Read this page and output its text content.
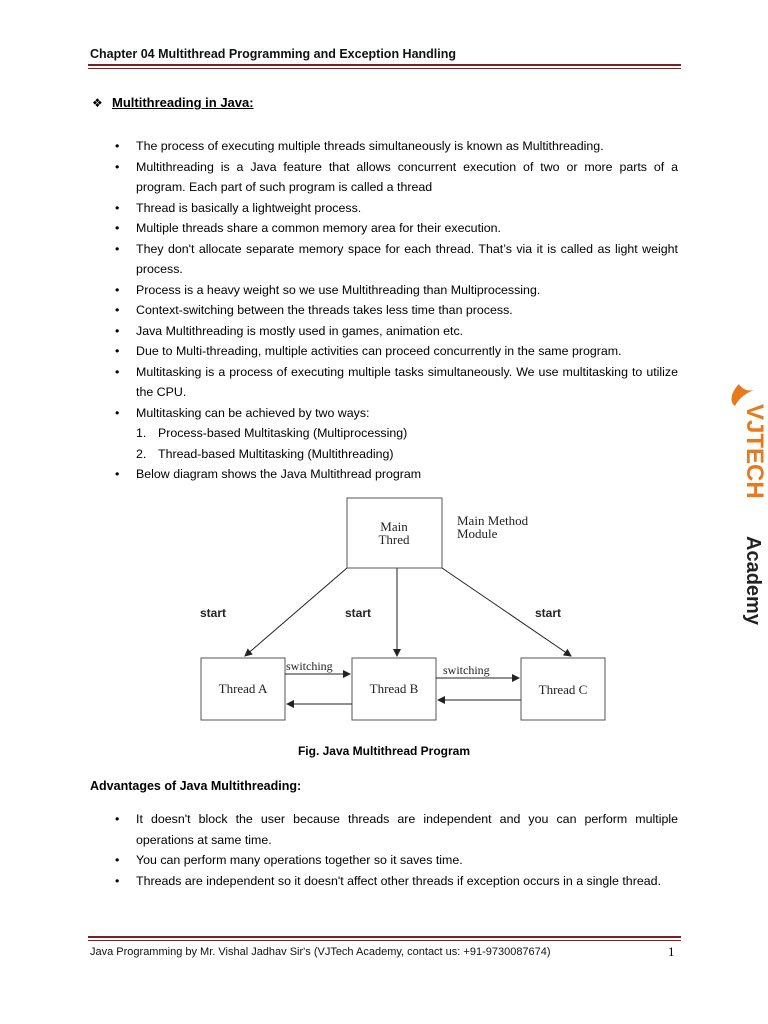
Chapter 04 Multithread Programming and Exception Handling
❖ Multithreading in Java:
• The process of executing multiple threads simultaneously is known as Multithreading.
• Multithreading is a Java feature that allows concurrent execution of two or more parts of a program. Each part of such program is called a thread
• Thread is basically a lightweight process.
• Multiple threads share a common memory area for their execution.
• They don't allocate separate memory space for each thread. That’s via it is called as light weight process.
• Process is a heavy weight so we use Multithreading than Multiprocessing.
• Context-switching between the threads takes less time than process.
• Java Multithreading is mostly used in games, animation etc.
• Due to Multi-threading, multiple activities can proceed concurrently in the same program.
• Multitasking is a process of executing multiple tasks simultaneously. We use multitasking to utilize the CPU.
• Multitasking can be achieved by two ways:
1. Process-based Multitasking (Multiprocessing)
2. Thread-based Multitasking (Multithreading)
• Below diagram shows the Java Multithread program
Main
Thred
Main Method
Module
start	start	start
Thread A	Thread B	Thread C
switching	switching
Fig. Java Multithread Program
Advantages of Java Multithreading:
• It doesn't block the user because threads are independent and you can perform multiple operations at same time.
• You can perform many operations together so it saves time.
• Threads are independent so it doesn't affect other threads if exception occurs in a single thread.
VJTECH
Academy
Java Programming by Mr. Vishal Jadhav Sir's (VJTech Academy, contact us: +91-9730087674)	1
